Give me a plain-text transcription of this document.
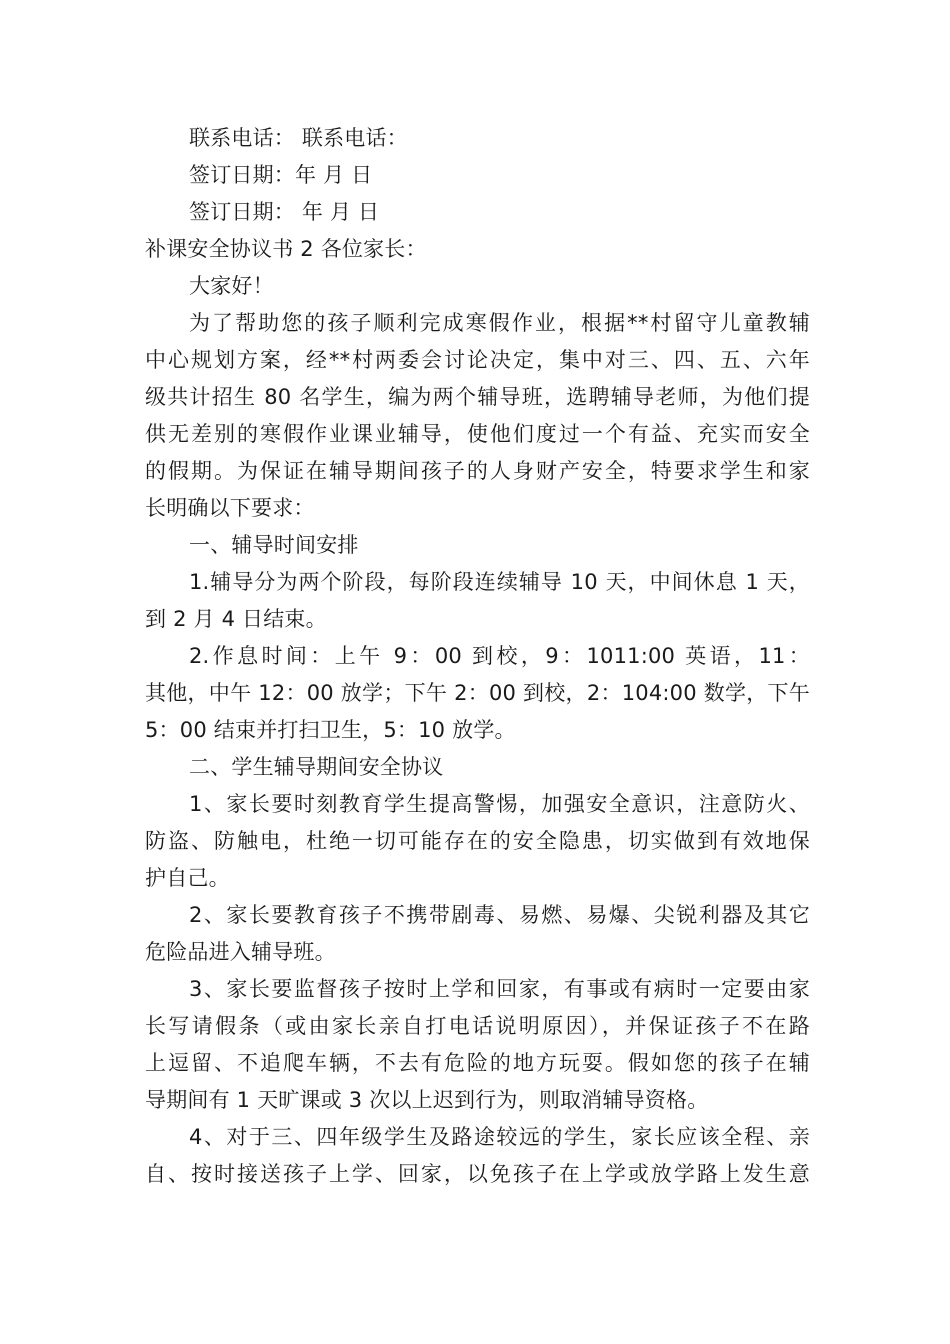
联系电话： 联系电话：
签订日期：年 月 日
签订日期： 年 月 日
补课安全协议书 2 各位家长：
大家好！
为了帮助您的孩子顺利完成寒假作业，根据**村留守儿童教辅
中心规划方案，经**村两委会讨论决定，集中对三、四、五、六年
级共计招生 80 名学生，编为两个辅导班，选聘辅导老师，为他们提
供无差别的寒假作业课业辅导，使他们度过一个有益、充实而安全
的假期。为保证在辅导期间孩子的人身财产安全，特要求学生和家
长明确以下要求：
一、辅导时间安排
1.辅导分为两个阶段，每阶段连续辅导 10 天，中间休息 1 天，
到 2 月 4 日结束。
2.作息时间：上午 9：00 到校，9：1011:00 英语，11：
其他，中午 12：00 放学；下午 2：00 到校，2：104:00 数学，下午
5：00 结束并打扫卫生，5：10 放学。
二、学生辅导期间安全协议
1、家长要时刻教育学生提高警惕，加强安全意识，注意防火、
防盗、防触电，杜绝一切可能存在的安全隐患，切实做到有效地保
护自己。
2、家长要教育孩子不携带剧毒、易燃、易爆、尖锐利器及其它
危险品进入辅导班。
3、家长要监督孩子按时上学和回家，有事或有病时一定要由家
长写请假条（或由家长亲自打电话说明原因），并保证孩子不在路
上逗留、不追爬车辆，不去有危险的地方玩耍。假如您的孩子在辅
导期间有 1 天旷课或 3 次以上迟到行为，则取消辅导资格。
4、对于三、四年级学生及路途较远的学生，家长应该全程、亲
自、按时接送孩子上学、回家，以免孩子在上学或放学路上发生意
